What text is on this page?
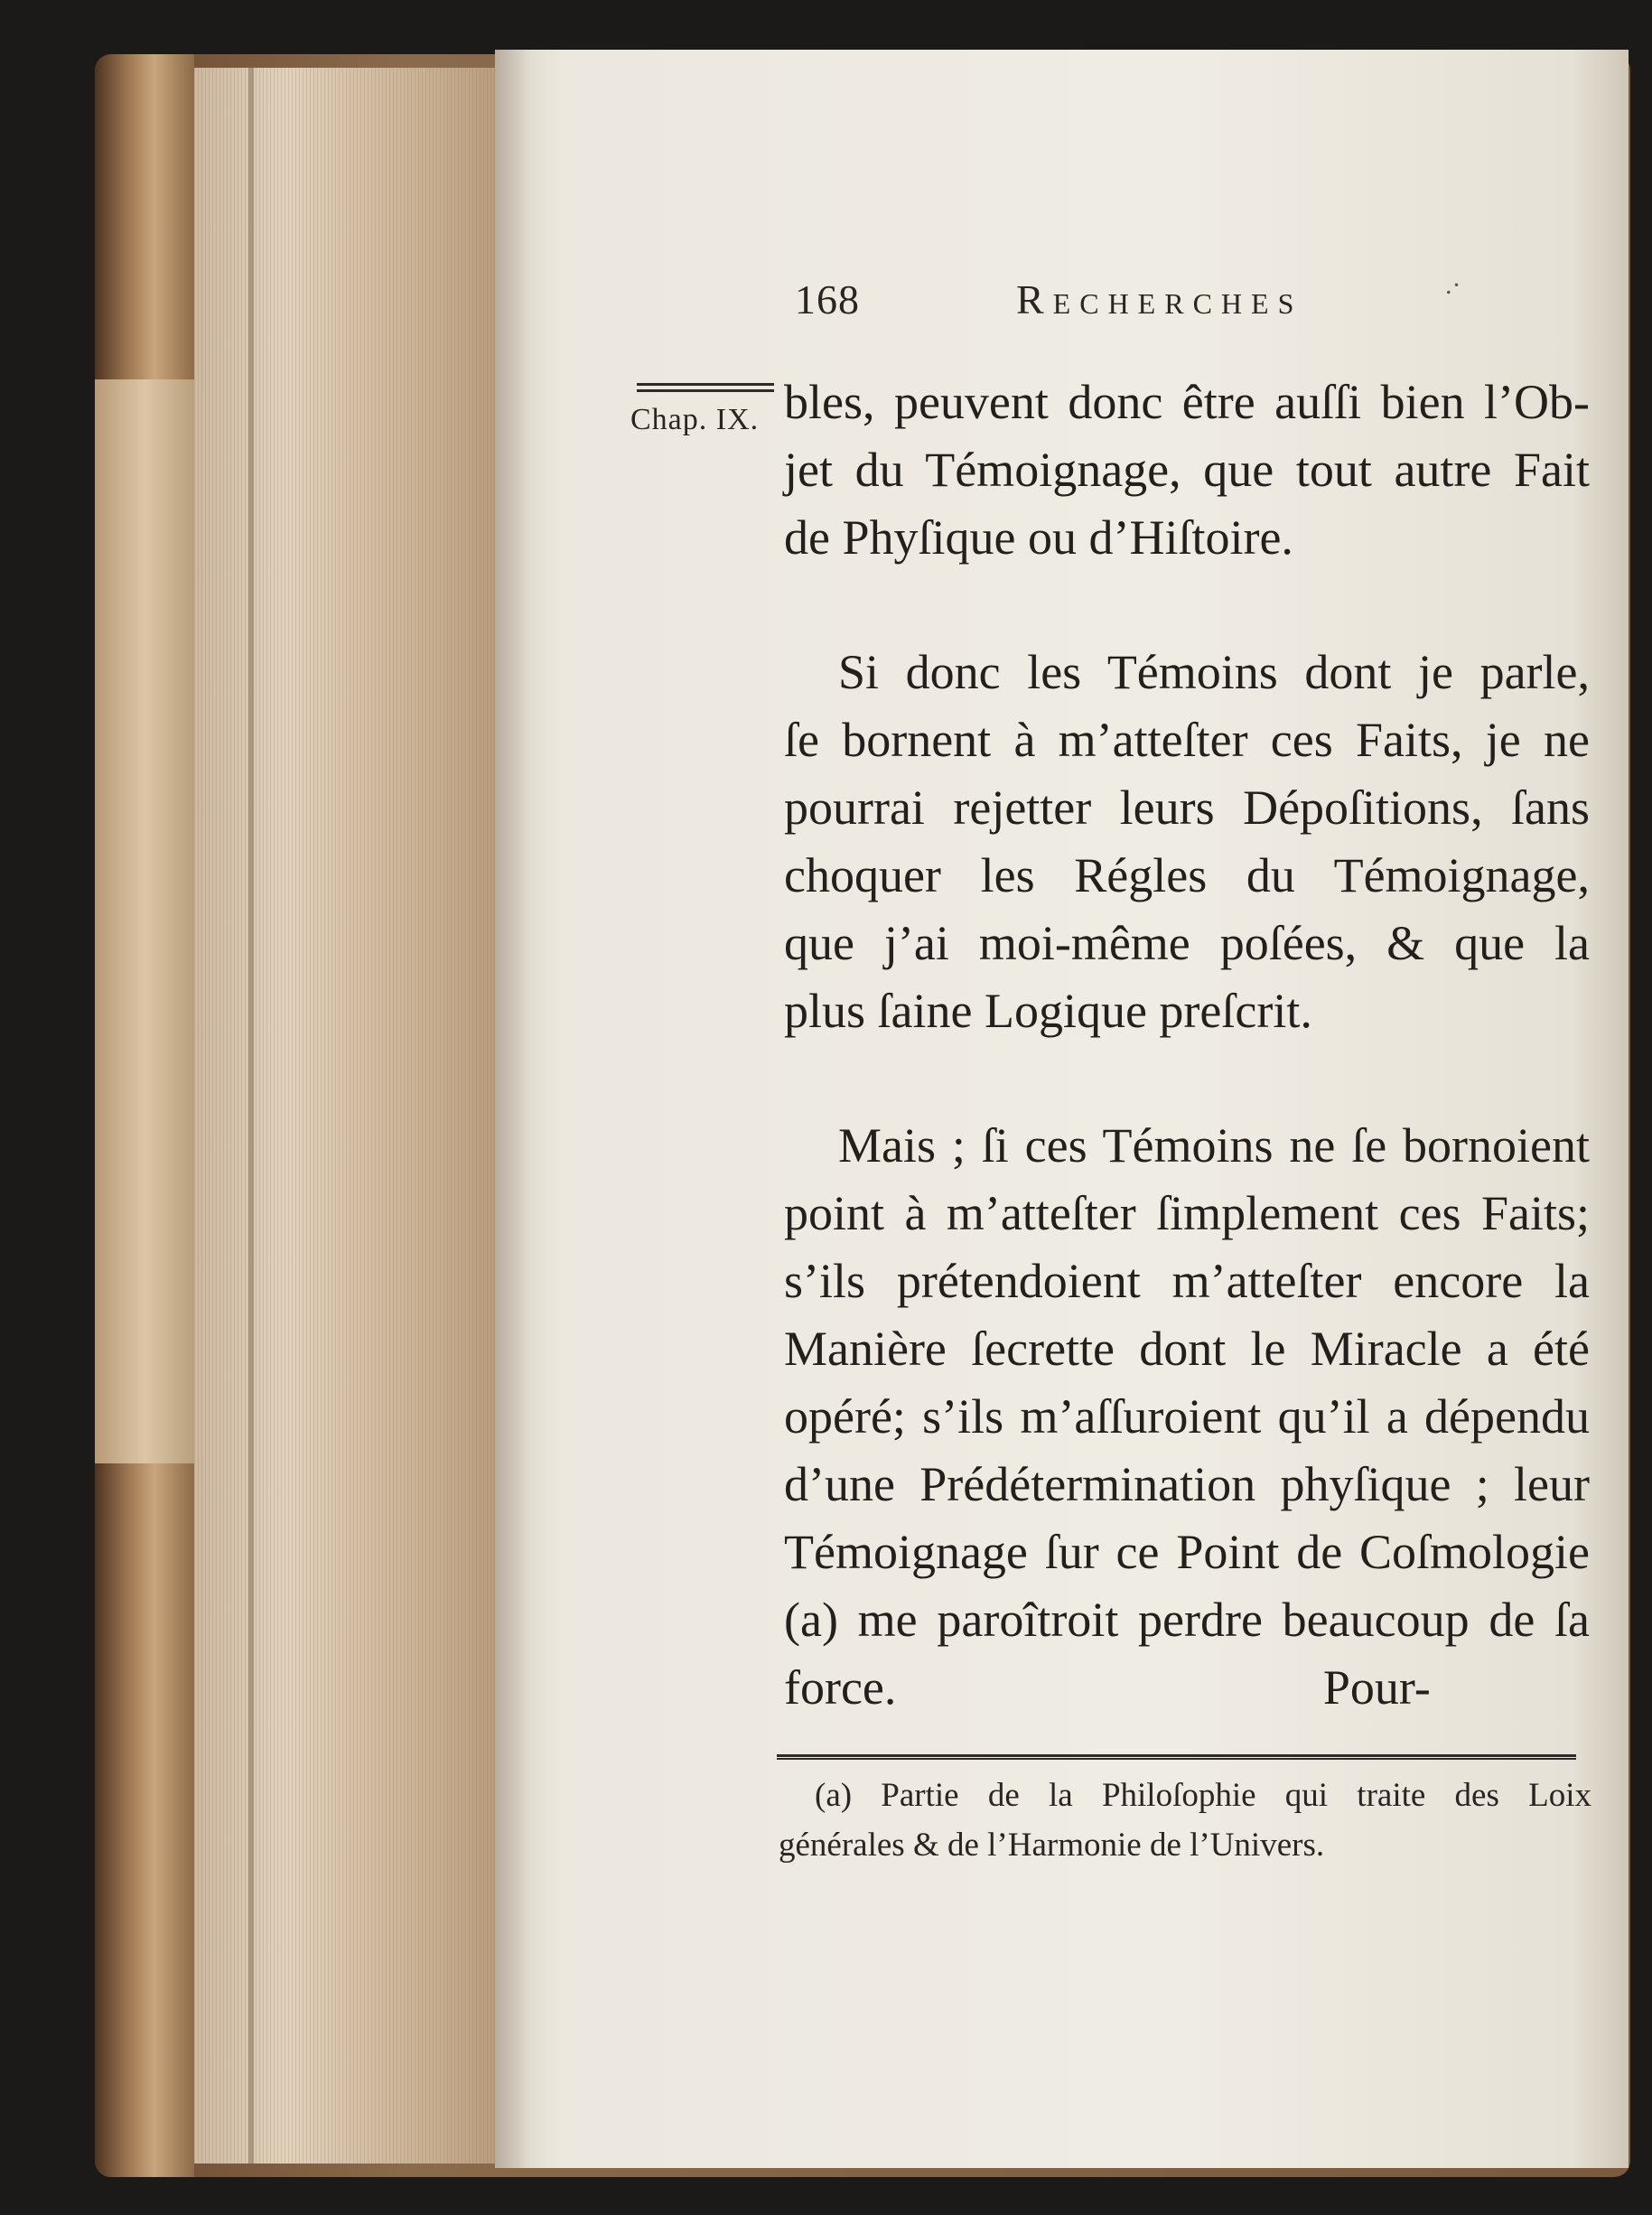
168	Recherches	.·
Chap. IX. bles, peuvent donc être auſſi bien l’Ob-
jet du Témoignage, que tout autre Fait
de Phyſique ou d’Hiſtoire.
Si donc les Témoins dont je parle,
ſe bornent à m’atteſter ces Faits, je ne
pourrai rejetter leurs Dépoſitions, ſans
choquer les Régles du Témoignage,
que j’ai moi-même poſées, & que la
plus ſaine Logique preſcrit.
Mais ; ſi ces Témoins ne ſe bornoient
point à m’atteſter ſimplement ces Faits;
s’ils prétendoient m’atteſter encore la
Manière ſecrette dont le Miracle a été
opéré; s’ils m’aſſuroient qu’il a dépendu
d’une Prédétermination phyſique ; leur
Témoignage ſur ce Point de Coſmologie
(a) me paroîtroit perdre beaucoup de ſa
force.                                   Pour-
(a) Partie de la Philoſophie qui traite des Loix
générales & de l’Harmonie de l’Univers.
